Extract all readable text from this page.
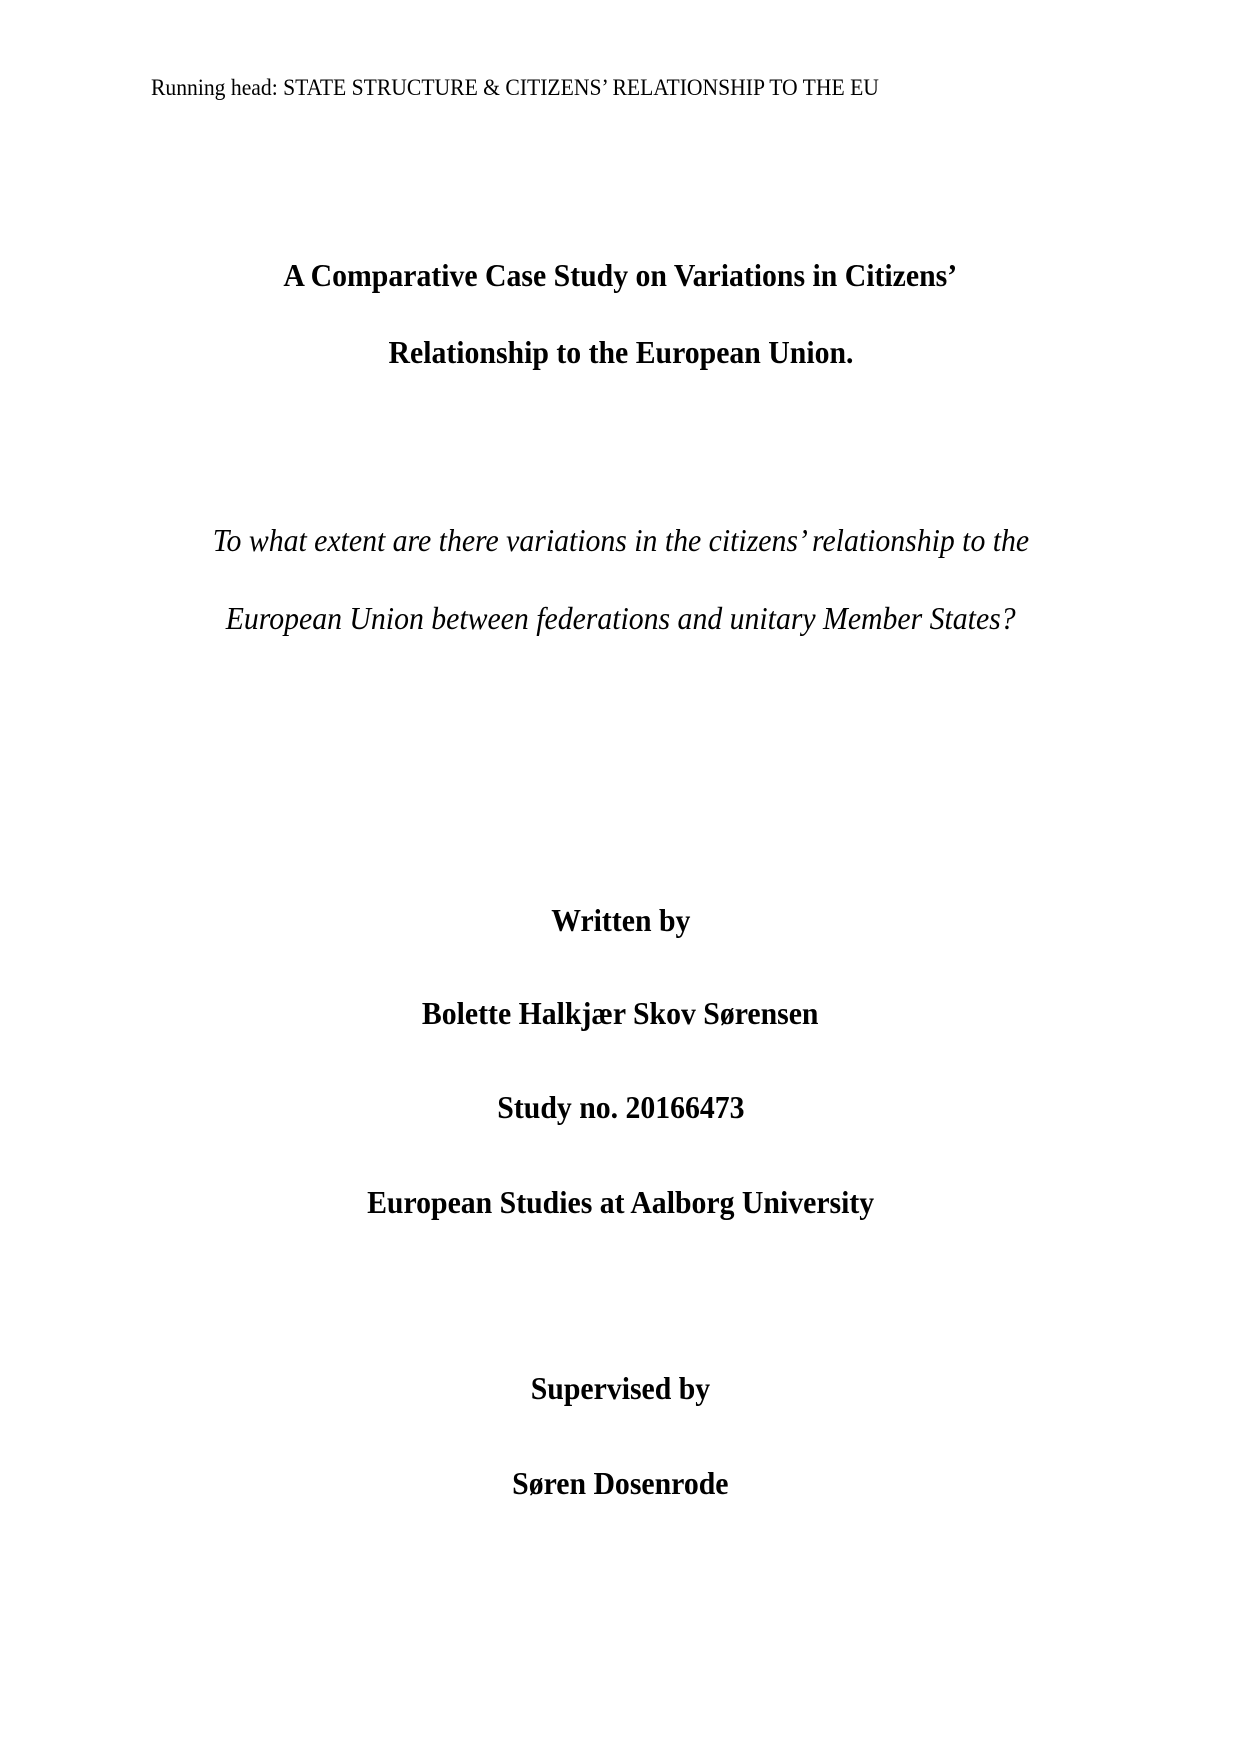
Running head: STATE STRUCTURE & CITIZENS’ RELATIONSHIP TO THE EU
A Comparative Case Study on Variations in Citizens’
Relationship to the European Union.
To what extent are there variations in the citizens’ relationship to the
European Union between federations and unitary Member States?
Written by
Bolette Halkjær Skov Sørensen
Study no. 20166473
European Studies at Aalborg University
Supervised by
Søren Dosenrode
